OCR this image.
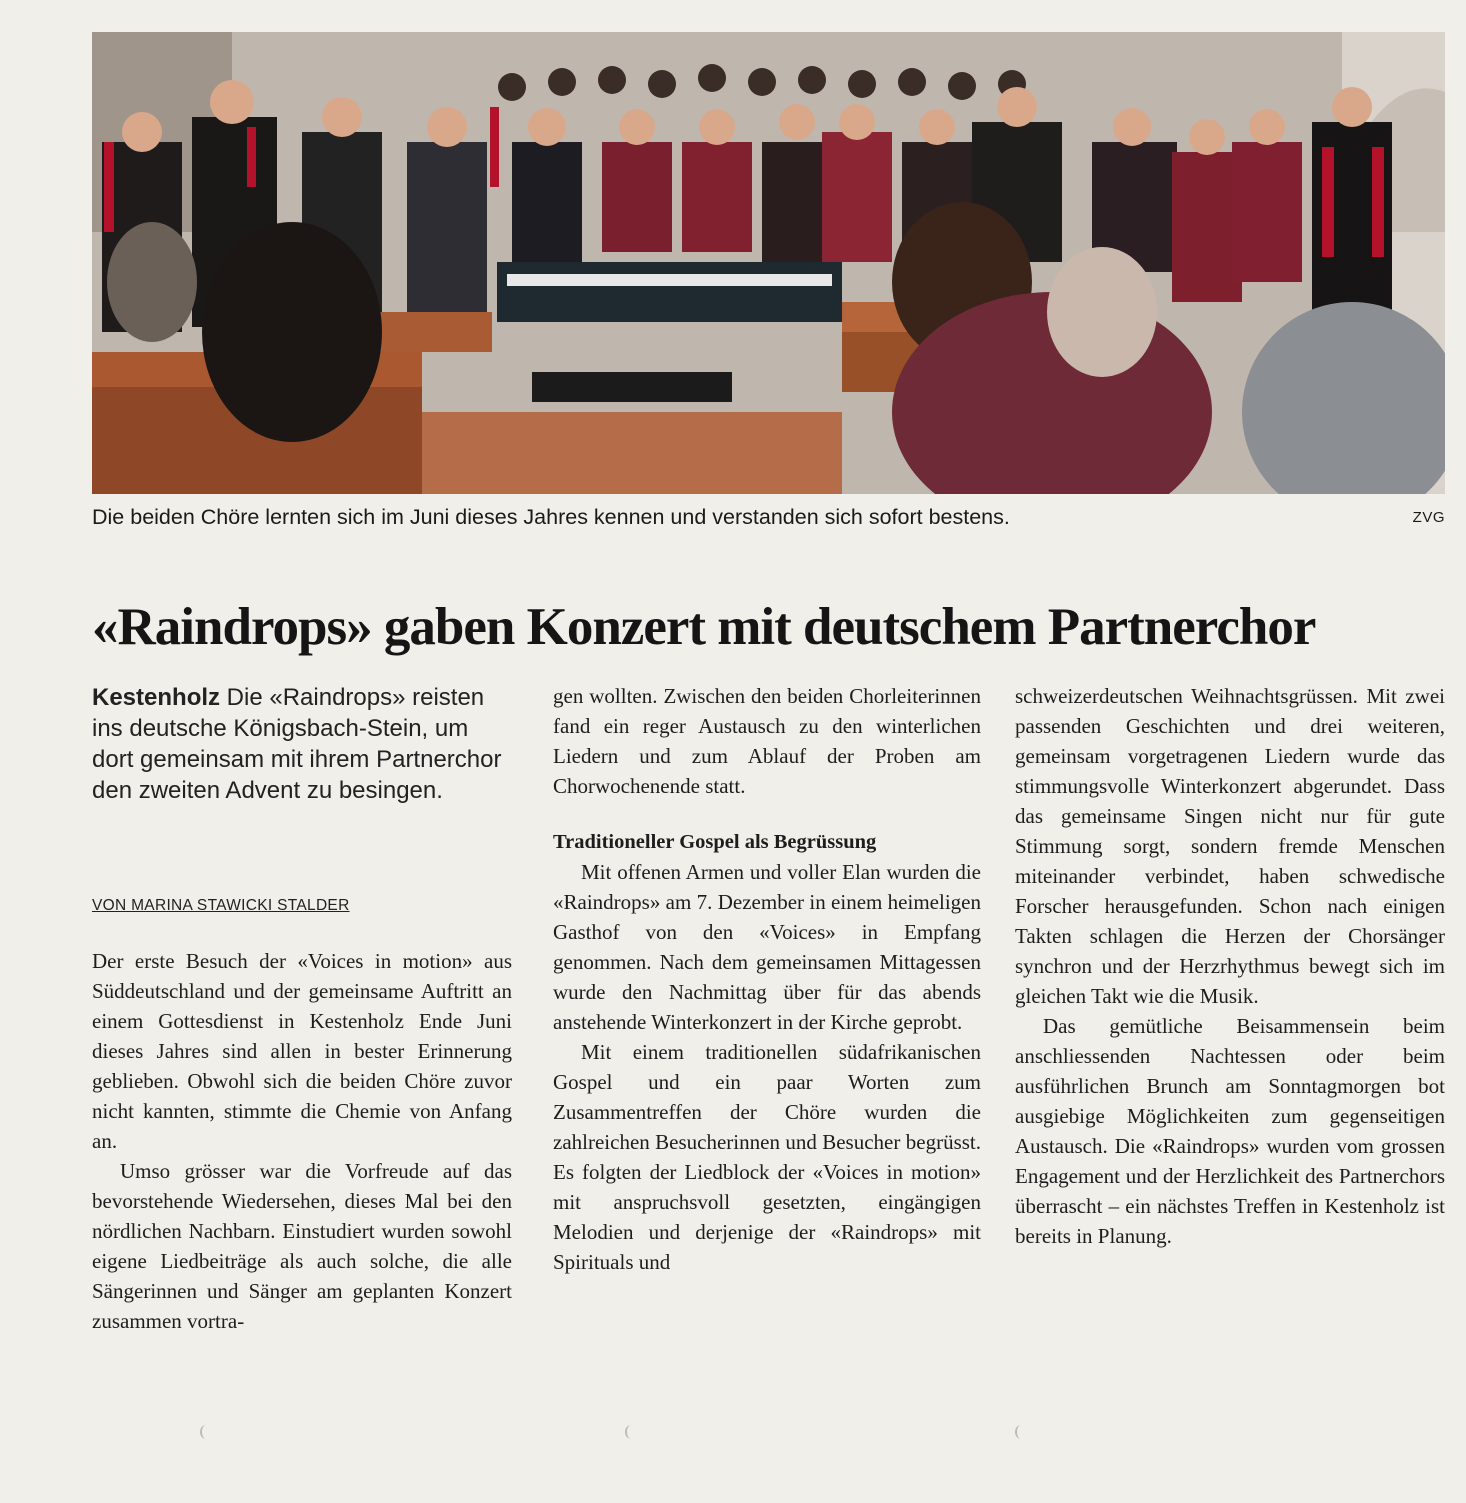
Die beiden Chöre lernten sich im Juni dieses Jahres kennen und verstanden sich sofort bestens.	ZVG
«Raindrops» gaben Konzert mit deutschem Partnerchor
Kestenholz Die «Raindrops» reisten ins deutsche Königsbach-Stein, um dort gemeinsam mit ihrem Partnerchor den zweiten Advent zu besingen.
VON MARINA STAWICKI STALDER

Der erste Besuch der «Voices in motion» aus Süddeutschland und der gemeinsame Auftritt an einem Gottesdienst in Kestenholz Ende Juni dieses Jahres sind allen in bester Erinnerung geblieben. Obwohl sich die beiden Chöre zuvor nicht kannten, stimmte die Chemie von Anfang an.

Umso grösser war die Vorfreude auf das bevorstehende Wiedersehen, dieses Mal bei den nördlichen Nachbarn. Einstudiert wurden sowohl eigene Liedbeiträge als auch solche, die alle Sängerinnen und Sänger am geplanten Konzert zusammen vortra-

gen wollten. Zwischen den beiden Chorleiterinnen fand ein reger Austausch zu den winterlichen Liedern und zum Ablauf der Proben am Chorwochenende statt.

Traditioneller Gospel als Begrüssung

Mit offenen Armen und voller Elan wurden die «Raindrops» am 7. Dezember in einem heimeligen Gasthof von den «Voices» in Empfang genommen. Nach dem gemeinsamen Mittagessen wurde den Nachmittag über für das abends anstehende Winterkonzert in der Kirche geprobt.

Mit einem traditionellen südafrikanischen Gospel und ein paar Worten zum Zusammentreffen der Chöre wurden die zahlreichen Besucherinnen und Besucher begrüsst. Es folgten der Liedblock der «Voices in motion» mit anspruchsvoll gesetzten, eingängigen Melodien und derjenige der «Raindrops» mit Spirituals und

schweizerdeutschen Weihnachtsgrüssen. Mit zwei passenden Geschichten und drei weiteren, gemeinsam vorgetragenen Liedern wurde das stimmungsvolle Winterkonzert abgerundet. Dass das gemeinsame Singen nicht nur für gute Stimmung sorgt, sondern fremde Menschen miteinander verbindet, haben schwedische Forscher herausgefunden. Schon nach einigen Takten schlagen die Herzen der Chorsänger synchron und der Herzrhythmus bewegt sich im gleichen Takt wie die Musik.

Das gemütliche Beisammensein beim anschliessenden Nachtessen oder beim ausführlichen Brunch am Sonntagmorgen bot ausgiebige Möglichkeiten zum gegenseitigen Austausch. Die «Raindrops» wurden vom grossen Engagement und der Herzlichkeit des Partnerchors überrascht – ein nächstes Treffen in Kestenholz ist bereits in Planung.
